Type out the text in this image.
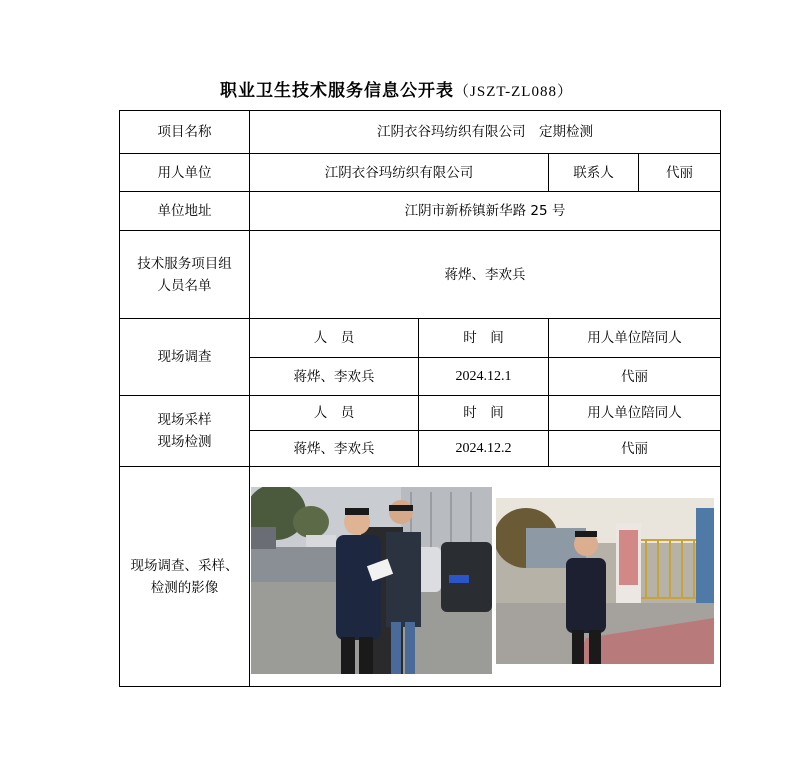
职业卫生技术服务信息公开表（JSZT-ZL088）
项目名称	江阴衣谷玛纺织有限公司　定期检测			
用人单位	江阴衣谷玛纺织有限公司		联系人	代丽
单位地址	江阴市新桥镇新华路 25 号			

技术服务项目组人员名单	蒋烨、李欢兵			
现场调查	人　员	时　间	用人单位陪同人	
	蒋烨、李欢兵	2024.12.1	代丽	

现场采样现场检测	人　员	时　间	用人单位陪同人	
	蒋烨、李欢兵	2024.12.2	代丽	

现场调查、采样、检测的影像
